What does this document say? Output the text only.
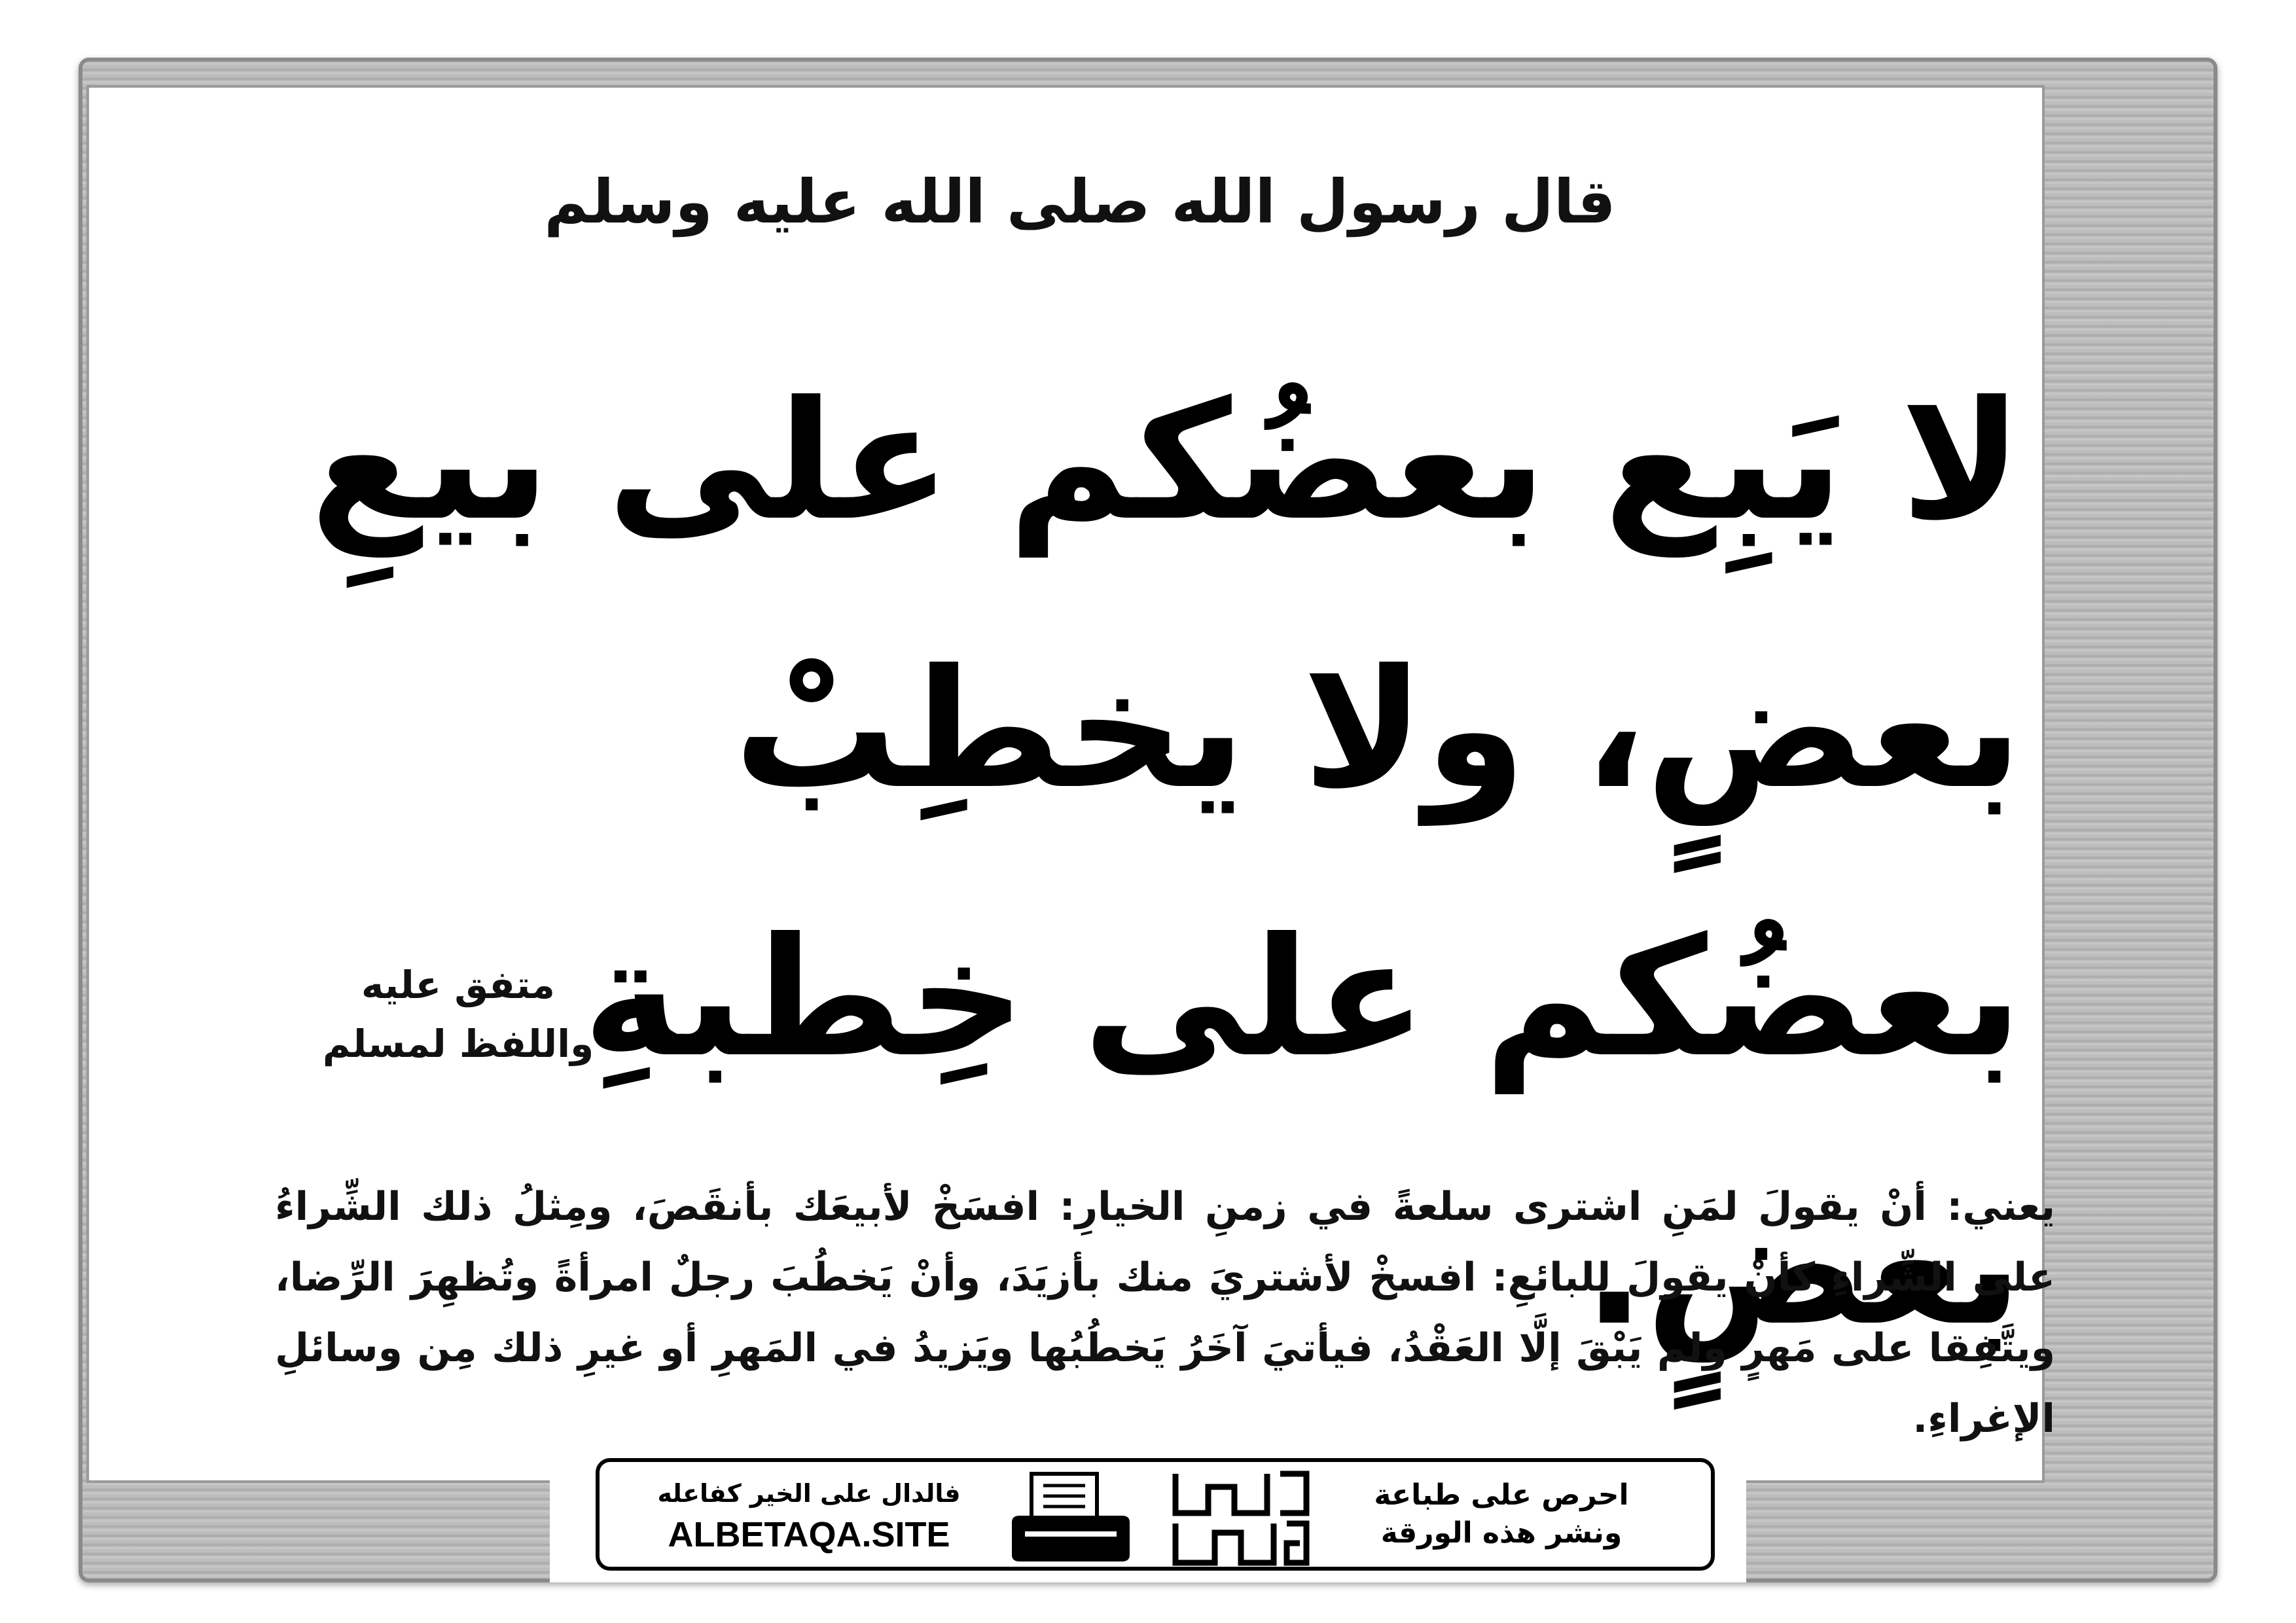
قال رسول الله صلى الله عليه وسلم
لا يَبِع بعضُكم على بيعِ بعضٍ، ولا يخطِبْ بعضُكم على خِطبةِ بعضٍ.
متفق عليه
واللفظ لمسلم
يعني: أنْ يقولَ لمَنِ اشترى سلعةً في زمنِ الخيارِ: افسَخْ لأبيعَك بأنقَصَ، ومِثلُ ذلك الشِّراءُ على الشِّراءِ كأنْ يقولَ للبائعِ: افسخْ لأشتريَ منك بأزيَدَ، وأنْ يَخطُبَ رجلٌ امرأةً وتُظهِرَ الرِّضا، ويتَّفِقا على مَهرٍ ولم يَبْقَ إلَّا العَقْدُ، فيأتيَ آخَرُ يَخطُبُها ويَزيدُ في المَهرِ أو غيرِ ذلك مِن وسائلِ الإغراءِ.
فالدال على الخير كفاعله
ALBETAQA.SITE
احرص على طباعة
ونشر هذه الورقة
